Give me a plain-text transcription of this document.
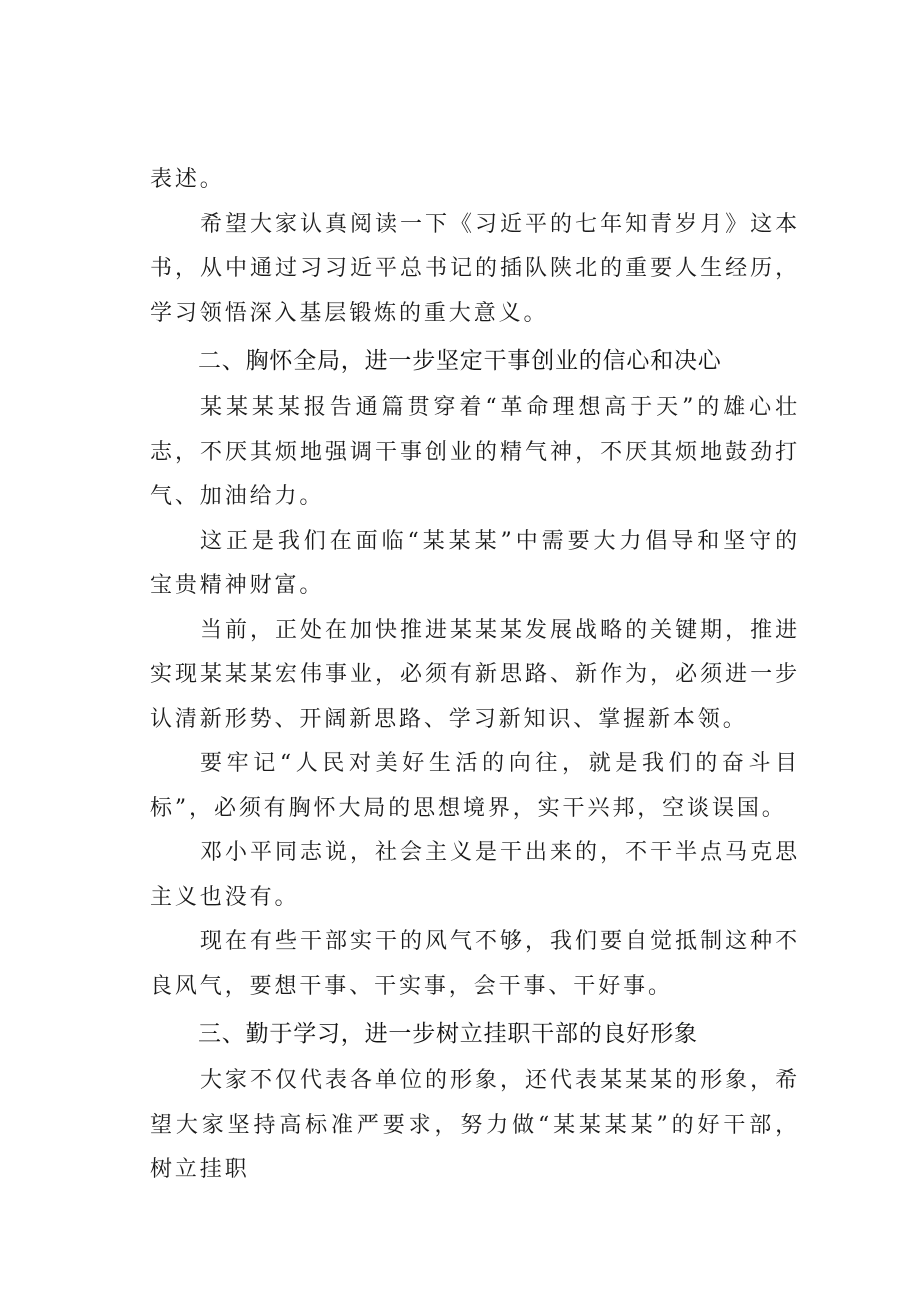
表述。

希望大家认真阅读一下《习近平的七年知青岁月》这本书，从中通过习习近平总书记的插队陕北的重要人生经历，学习领悟深入基层锻炼的重大意义。

二、胸怀全局，进一步坚定干事创业的信心和决心

某某某某报告通篇贯穿着“革命理想高于天”的雄心壮志，不厌其烦地强调干事创业的精气神，不厌其烦地鼓劲打气、加油给力。

这正是我们在面临“某某某”中需要大力倡导和坚守的宝贵精神财富。

当前，正处在加快推进某某某发展战略的关键期，推进实现某某某宏伟事业，必须有新思路、新作为，必须进一步认清新形势、开阔新思路、学习新知识、掌握新本领。

要牢记“人民对美好生活的向往，就是我们的奋斗目标”，必须有胸怀大局的思想境界，实干兴邦，空谈误国。

邓小平同志说，社会主义是干出来的，不干半点马克思主义也没有。

现在有些干部实干的风气不够，我们要自觉抵制这种不良风气，要想干事、干实事，会干事、干好事。

三、勤于学习，进一步树立挂职干部的良好形象

大家不仅代表各单位的形象，还代表某某某的形象，希望大家坚持高标准严要求，努力做“某某某某”的好干部，树立挂职
